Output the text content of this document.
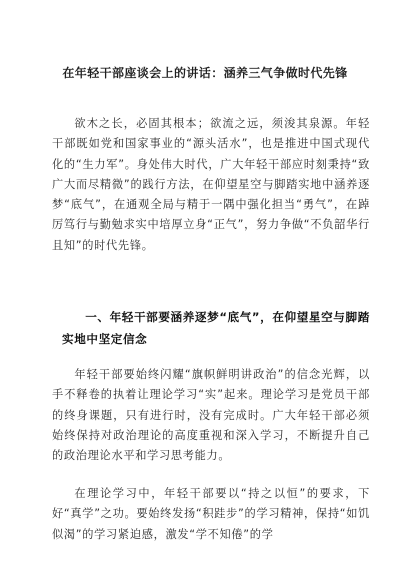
在年轻干部座谈会上的讲话：涵养三气争做时代先锋

欲木之长，必固其根本；欲流之远，须浚其泉源。年轻干部既如党和国家事业的“源头活水”，也是推进中国式现代化的“生力军”。身处伟大时代，广大年轻干部应时刻秉持“致广大而尽精微”的践行方法，在仰望星空与脚踏实地中涵养逐梦“底气”，在通观全局与精于一隅中强化担当“勇气”，在踔厉笃行与勤勉求实中培厚立身“正气”，努力争做“不负韶华行且知”的时代先锋。

一、年轻干部要涵养逐梦“底气”，在仰望星空与脚踏实地中坚定信念

年轻干部要始终闪耀“旗帜鲜明讲政治”的信念光辉，以手不释卷的执着让理论学习“实”起来。理论学习是党员干部的终身课题，只有进行时，没有完成时。广大年轻干部必须始终保持对政治理论的高度重视和深入学习，不断提升自己的政治理论水平和学习思考能力。

在理论学习中，年轻干部要以“持之以恒”的要求，下好“真学”之功。要始终发扬“积跬步”的学习精神，保持“如饥似渴”的学习紧迫感，激发“学不知倦”的学
